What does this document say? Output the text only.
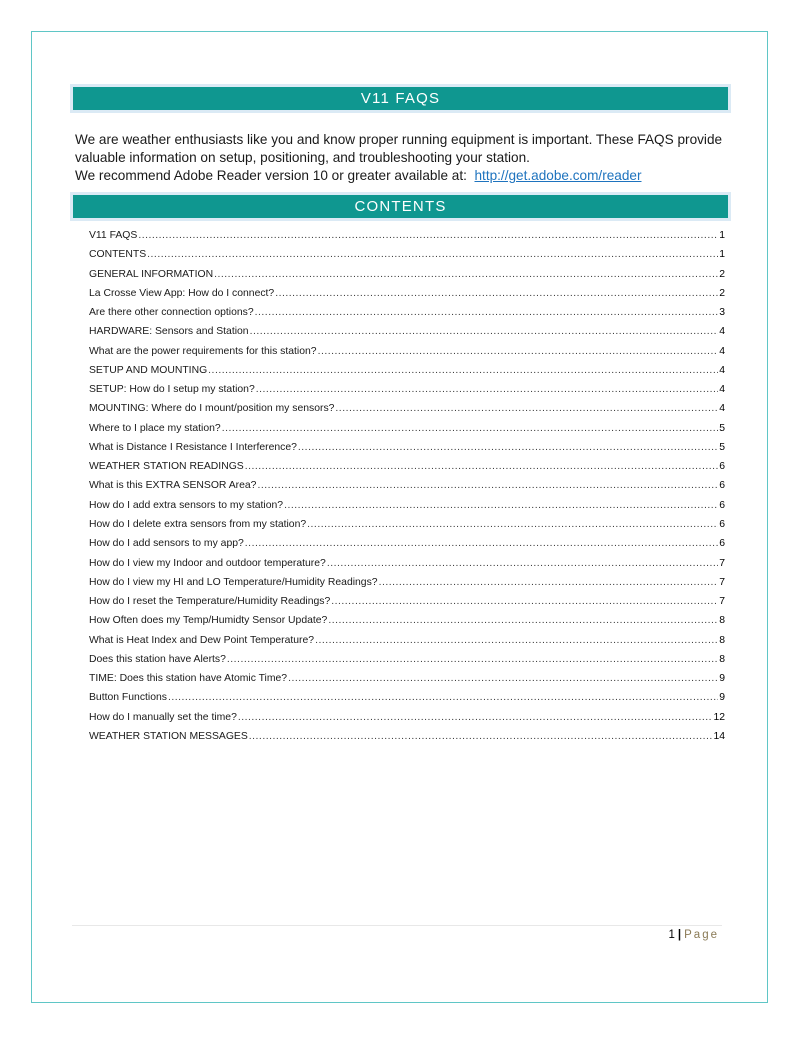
V11 FAQS

We are weather enthusiasts like you and know proper running equipment is important. These FAQS provide valuable information on setup, positioning, and troubleshooting your station.

We recommend Adobe Reader version 10 or greater available at: http://get.adobe.com/reader

CONTENTS
V11 FAQS .....	1
CONTENTS .....	1
GENERAL INFORMATION .....	2
La Crosse View App: How do I connect? .....	2
Are there other connection options? .....	3
HARDWARE: Sensors and Station .....	4
What are the power requirements for this station? .....	4
SETUP AND MOUNTING .....	4
SETUP: How do I setup my station? .....	4
MOUNTING: Where do I mount/position my sensors? .....	4
Where to I place my station? .....	5
What is Distance I Resistance I Interference? .....	5
WEATHER STATION READINGS .....	6
What is this EXTRA SENSOR Area? .....	6
How do I add extra sensors to my station? .....	6
How do I delete extra sensors from my station? .....	6
How do I add sensors to my app? .....	6
How do I view my Indoor and outdoor temperature? .....	7
How do I view my HI and LO Temperature/Humidity Readings? .....	7
How do I reset the Temperature/Humidity Readings? .....	7
How Often does my Temp/Humidty Sensor Update? .....	8
What is Heat Index and Dew Point Temperature? .....	8
Does this station have Alerts? .....	8
TIME: Does this station have Atomic Time? .....	9
Button Functions .....	9
How do I manually set the time? .....	12
WEATHER STATION MESSAGES .....	14
1 | Page
